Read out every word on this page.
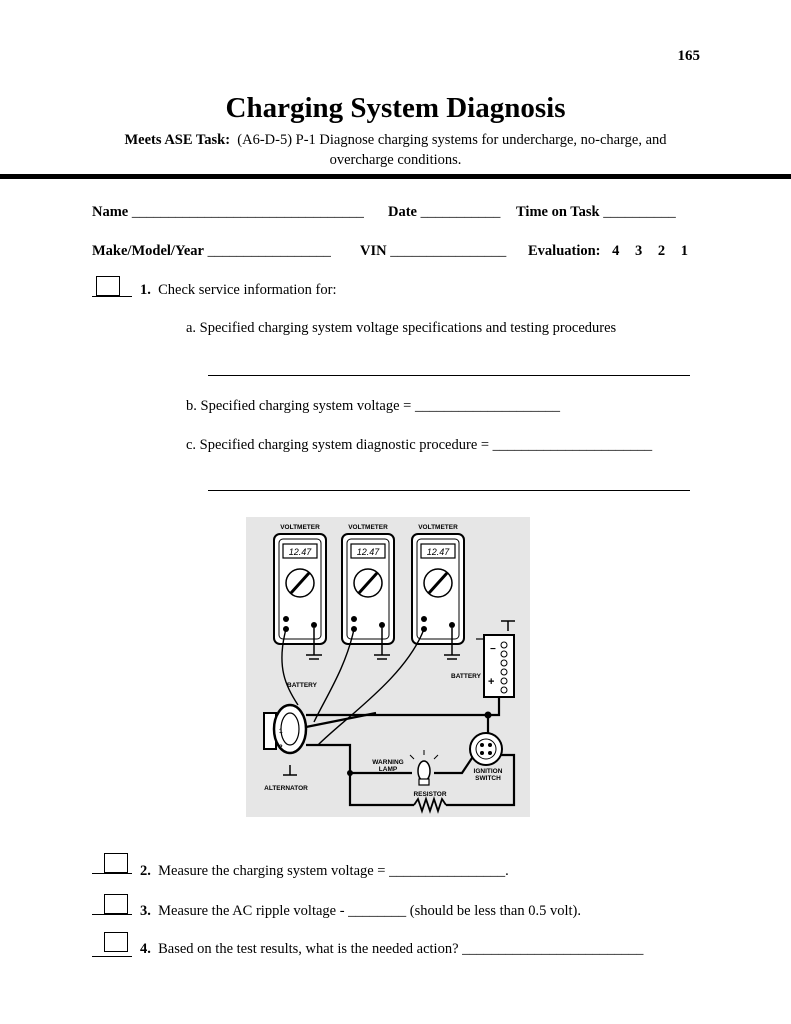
165
Charging System Diagnosis
Meets ASE Task: (A6-D-5) P-1 Diagnose charging systems for undercharge, no-charge, and
overcharge conditions.
Name ________________________________ Date ___________ Time on Task __________
Make/Model/Year _________________ VIN ________________ Evaluation: 4 3 2 1
1. Check service information for:
a. Specified charging system voltage specifications and testing procedures
b. Specified charging system voltage = ____________________
c. Specified charging system diagnostic procedure = ______________________
VOLTMETER
12.47
VOLTMETER
12.47
VOLTMETER
12.47
−
+
BATTERY
BATTERY
1
2
ALTERNATOR
WARNING
LAMP	IGNITION
SWITCH
RESISTOR
2. Measure the charging system voltage = ________________.
3. Measure the AC ripple voltage - ________ (should be less than 0.5 volt).
4. Based on the test results, what is the needed action? _________________________
